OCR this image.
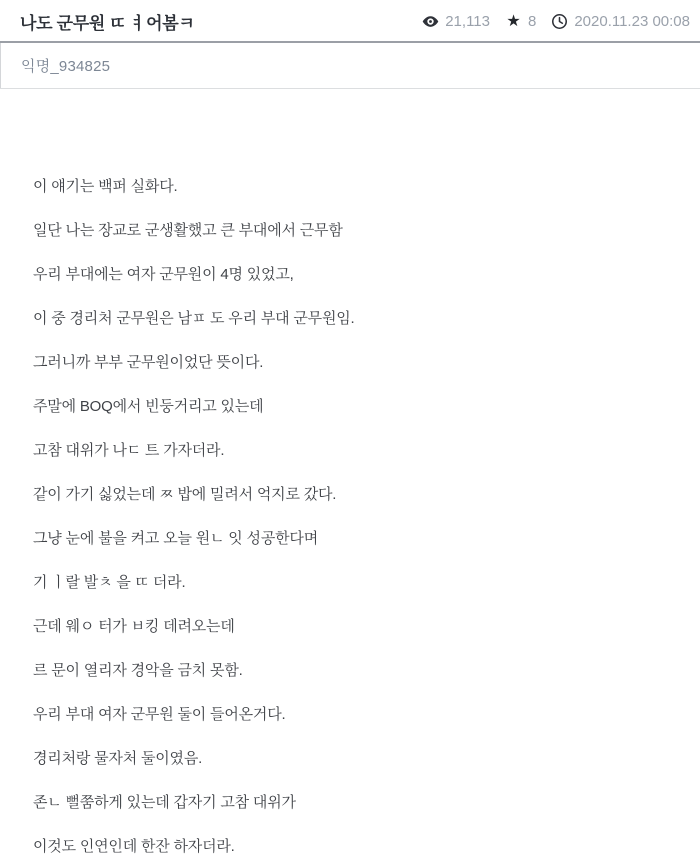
나도 군무원 ㄸ ㅕ어봄ㅋ	21,113 ★	8	2020.11.23 00:08
익명_934825

이 얘기는 백퍼 실화다.

일단 나는 장교로 군생활했고 큰 부대에서 근무함

우리 부대에는 여자 군무원이 4명 있었고,

이 중 경리처 군무원은 남ㅍ 도 우리 부대 군무원임.

그러니까 부부 군무원이었단 뜻이다.

주말에 BOQ에서 빈둥거리고 있는데

고참 대위가 나ㄷ 트 가자더라.

같이 가기 싫었는데 ㅉ 밥에 밀려서 억지로 갔다.

그냥 눈에 불을 켜고 오늘 원ㄴ 잇 성공한다며

기 ㅣ랄 발ㅊ 을 ㄸ 더라.

근데 웨ㅇ 터가 ㅂ킹 데려오는데

르 문이 열리자 경악을 금치 못함.

우리 부대 여자 군무원 둘이 들어온거다.

경리처랑 물자처 둘이였음.

존ㄴ 뻘쭘하게 있는데 갑자기 고참 대위가

이것도 인연인데 한잔 하자더라.
